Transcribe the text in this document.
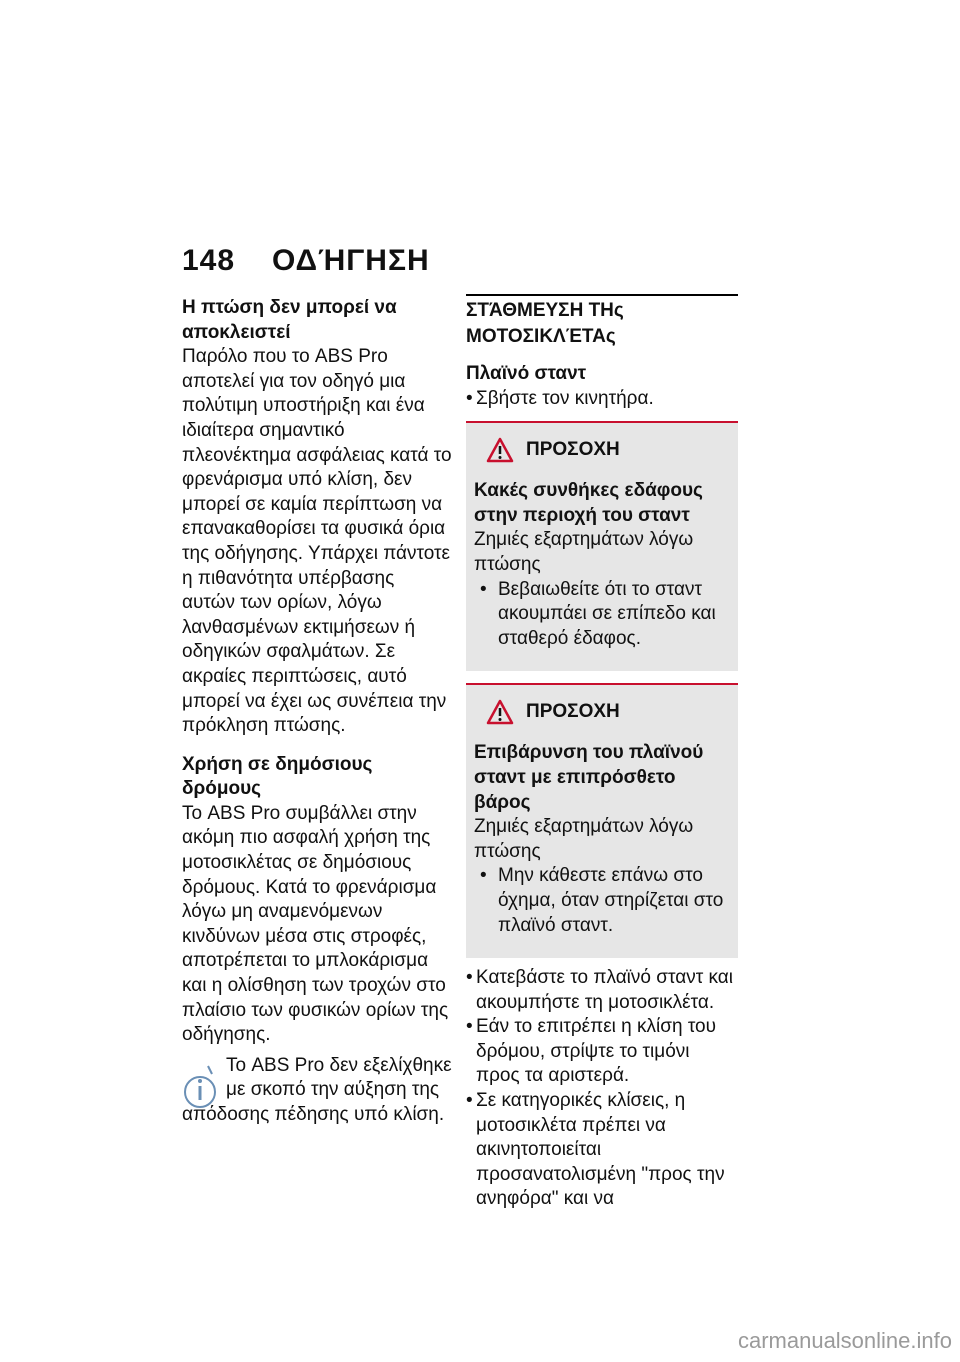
148 ΟΔΉΓΗΣΗ
Η πτώση δεν μπορεί να αποκλειστεί

Παρόλο που το ABS Pro αποτελεί για τον οδηγό μια πολύτιμη υποστήριξη και ένα ιδιαίτερα σημαντικό πλεονέκτημα ασφάλειας κατά το φρενάρισμα υπό κλίση, δεν μπορεί σε καμία περίπτωση να επανακαθορίσει τα φυσικά όρια της οδήγησης. Υπάρχει πάντοτε η πιθανότητα υπέρβασης αυτών των ορίων, λόγω λανθασμένων εκτιμήσεων ή οδηγικών σφαλμάτων. Σε ακραίες περιπτώσεις, αυτό μπορεί να έχει ως συνέπεια την πρόκληση πτώσης.

Χρήση σε δημόσιους δρόμους

Το ABS Pro συμβάλλει στην ακόμη πιο ασφαλή χρήση της μοτοσικλέτας σε δημόσιους δρόμους. Κατά το φρενάρισμα λόγω μη αναμενόμενων κινδύνων μέσα στις στροφές, αποτρέπεται το μπλοκάρισμα και η ολίσθηση των τροχών στο πλαίσιο των φυσικών ορίων της οδήγησης.

Το ABS Pro δεν εξελίχθηκε
με σκοπό την αύξηση της
απόδοσης πέδησης υπό κλίση.
ΣΤΆΘΜΕΥΣΗ ΤΗς ΜΟΤΟΣΙΚΛΈΤΑς
Πλαϊνό σταντ
• Σβήστε τον κινητήρα.
ΠΡΟΣΟΧΗ
Κακές συνθήκες εδάφους στην περιοχή του σταντ

Ζημιές εξαρτημάτων λόγω πτώσης

• Βεβαιωθείτε ότι το σταντ ακουμπάει σε επίπεδο και σταθερό έδαφος.
ΠΡΟΣΟΧΗ
Επιβάρυνση του πλαϊνού σταντ με επιπρόσθετο βάρος

Ζημιές εξαρτημάτων λόγω πτώσης

• Μην κάθεστε επάνω στο όχημα, όταν στηρίζεται στο πλαϊνό σταντ.
• Κατεβάστε το πλαϊνό σταντ και ακουμπήστε τη μοτοσικλέτα.
• Εάν το επιτρέπει η κλίση του δρόμου, στρίψτε το τιμόνι προς τα αριστερά.
• Σε κατηγορικές κλίσεις, η μοτοσικλέτα πρέπει να ακινητοποιείται προσανατολισμένη "προς την ανηφόρα" και να
carmanualsonline.info
